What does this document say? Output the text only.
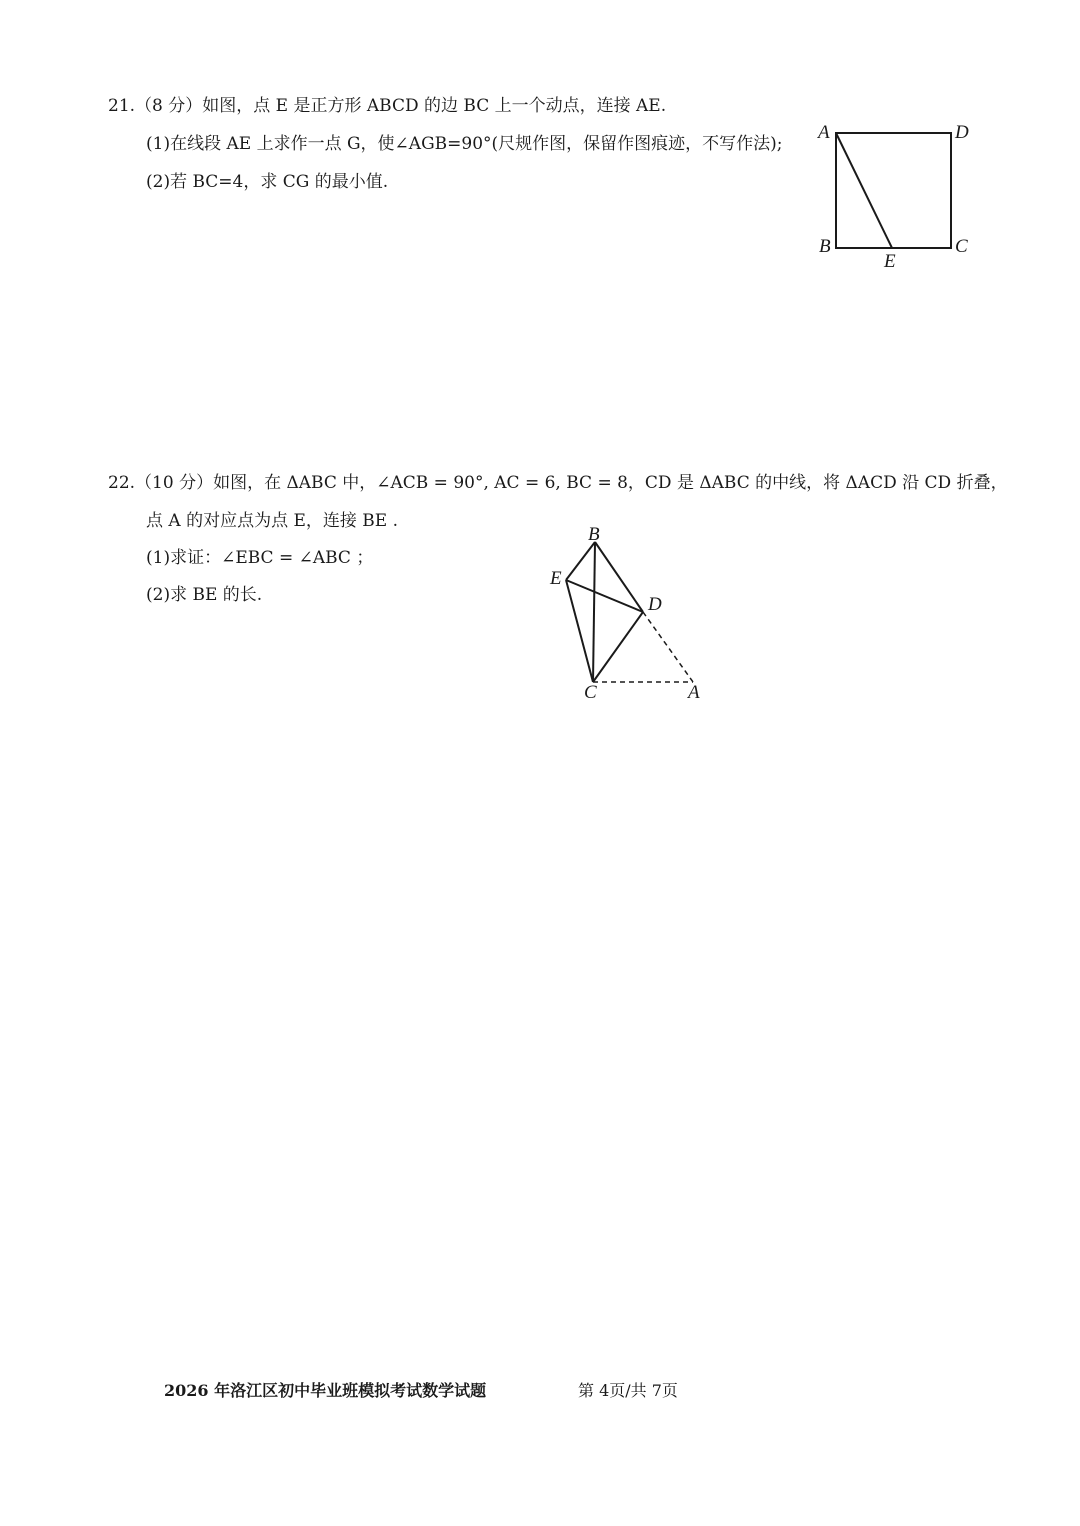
21.（8 分）如图，点 E 是正方形 ABCD 的边 BC 上一个动点，连接 AE.
(1)在线段 AE 上求作一点 G，使∠AGB=90°(尺规作图，保留作图痕迹，不写作法);
(2)若 BC=4，求 CG 的最小值.
A	D
B	C
E
22.（10 分）如图，在 ΔABC 中，∠ACB = 90°, AC = 6, BC = 8，CD 是 ΔABC 的中线，将 ΔACD 沿 CD 折叠，
点 A 的对应点为点 E，连接 BE .
(1)求证：∠EBC = ∠ABC ；
(2)求 BE 的长.
B
E
D
C	A
2026 年洛江区初中毕业班模拟考试数学试题	第 4页/共 7页
